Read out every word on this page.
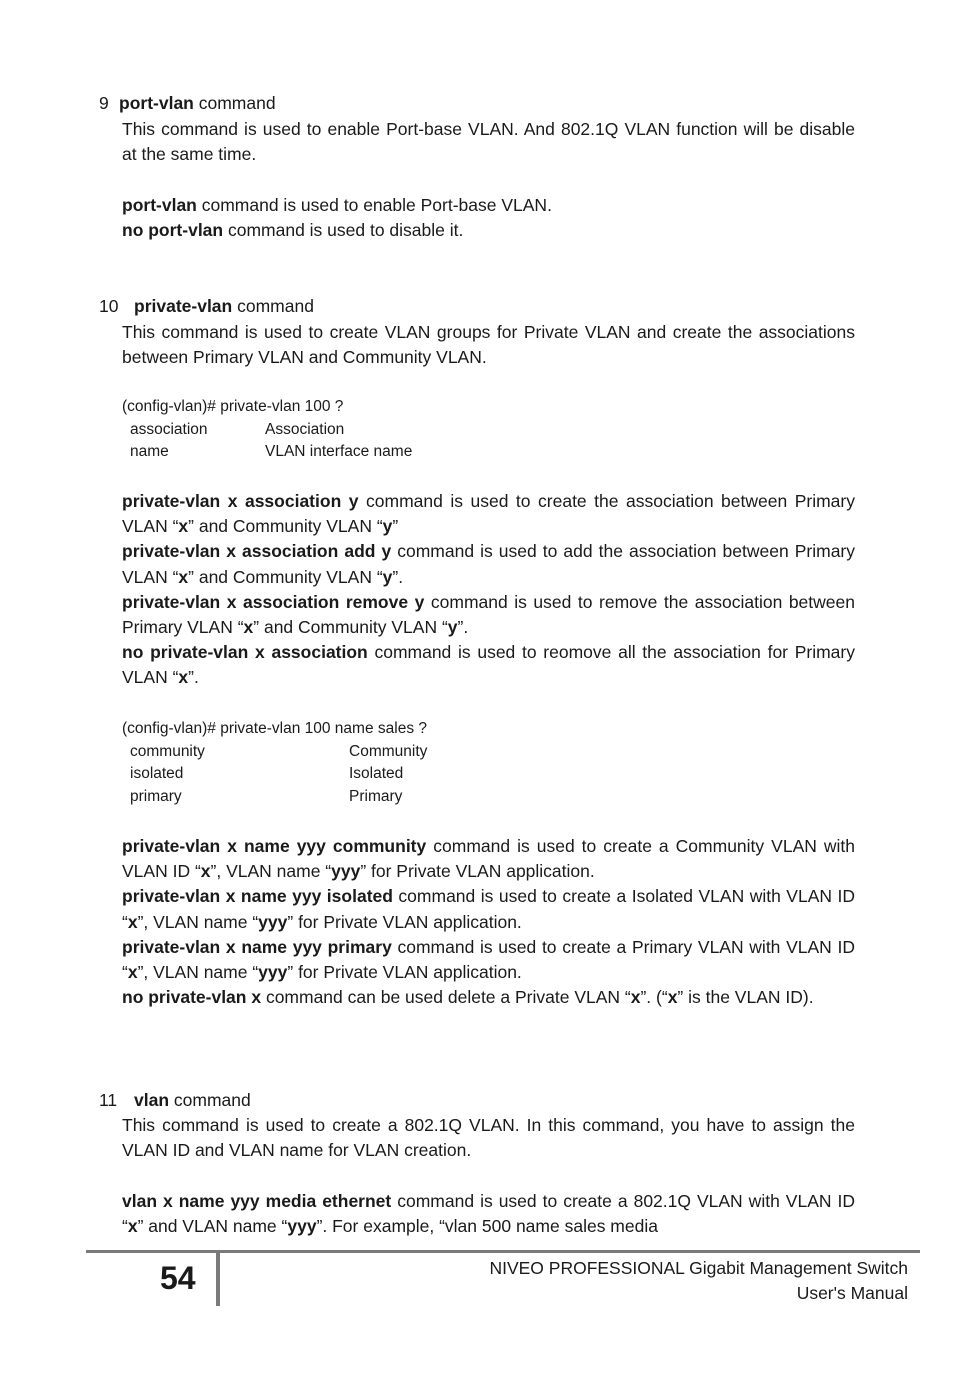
9 port-vlan command
This command is used to enable Port-base VLAN. And 802.1Q VLAN function will be disable at the same time.
port-vlan command is used to enable Port-base VLAN.
no port-vlan command is used to disable it.
10 private-vlan command
This command is used to create VLAN groups for Private VLAN and create the associations between Primary VLAN and Community VLAN.
(config-vlan)# private-vlan 100 ?
association	Association
name	VLAN interface name
private-vlan x association y command is used to create the association between Primary VLAN “x” and Community VLAN “y”
private-vlan x association add y command is used to add the association between Primary VLAN “x” and Community VLAN “y”.
private-vlan x association remove y command is used to remove the association between Primary VLAN “x” and Community VLAN “y”.
no private-vlan x association command is used to reomove all the association for Primary VLAN “x”.
(config-vlan)# private-vlan 100 name sales ?
community	Community
isolated	Isolated
primary	Primary
private-vlan x name yyy community command is used to create a Community VLAN with VLAN ID “x”, VLAN name “yyy” for Private VLAN application.
private-vlan x name yyy isolated command is used to create a Isolated VLAN with VLAN ID “x”, VLAN name “yyy” for Private VLAN application.
private-vlan x name yyy primary command is used to create a Primary VLAN with VLAN ID “x”, VLAN name “yyy” for Private VLAN application.
no private-vlan x command can be used delete a Private VLAN “x”. (“x” is the VLAN ID).
11 vlan command
This command is used to create a 802.1Q VLAN. In this command, you have to assign the VLAN ID and VLAN name for VLAN creation.
vlan x name yyy media ethernet command is used to create a 802.1Q VLAN with VLAN ID “x” and VLAN name “yyy”. For example, “vlan 500 name sales media
54	NIVEO PROFESSIONAL Gigabit Management Switch
User's Manual
